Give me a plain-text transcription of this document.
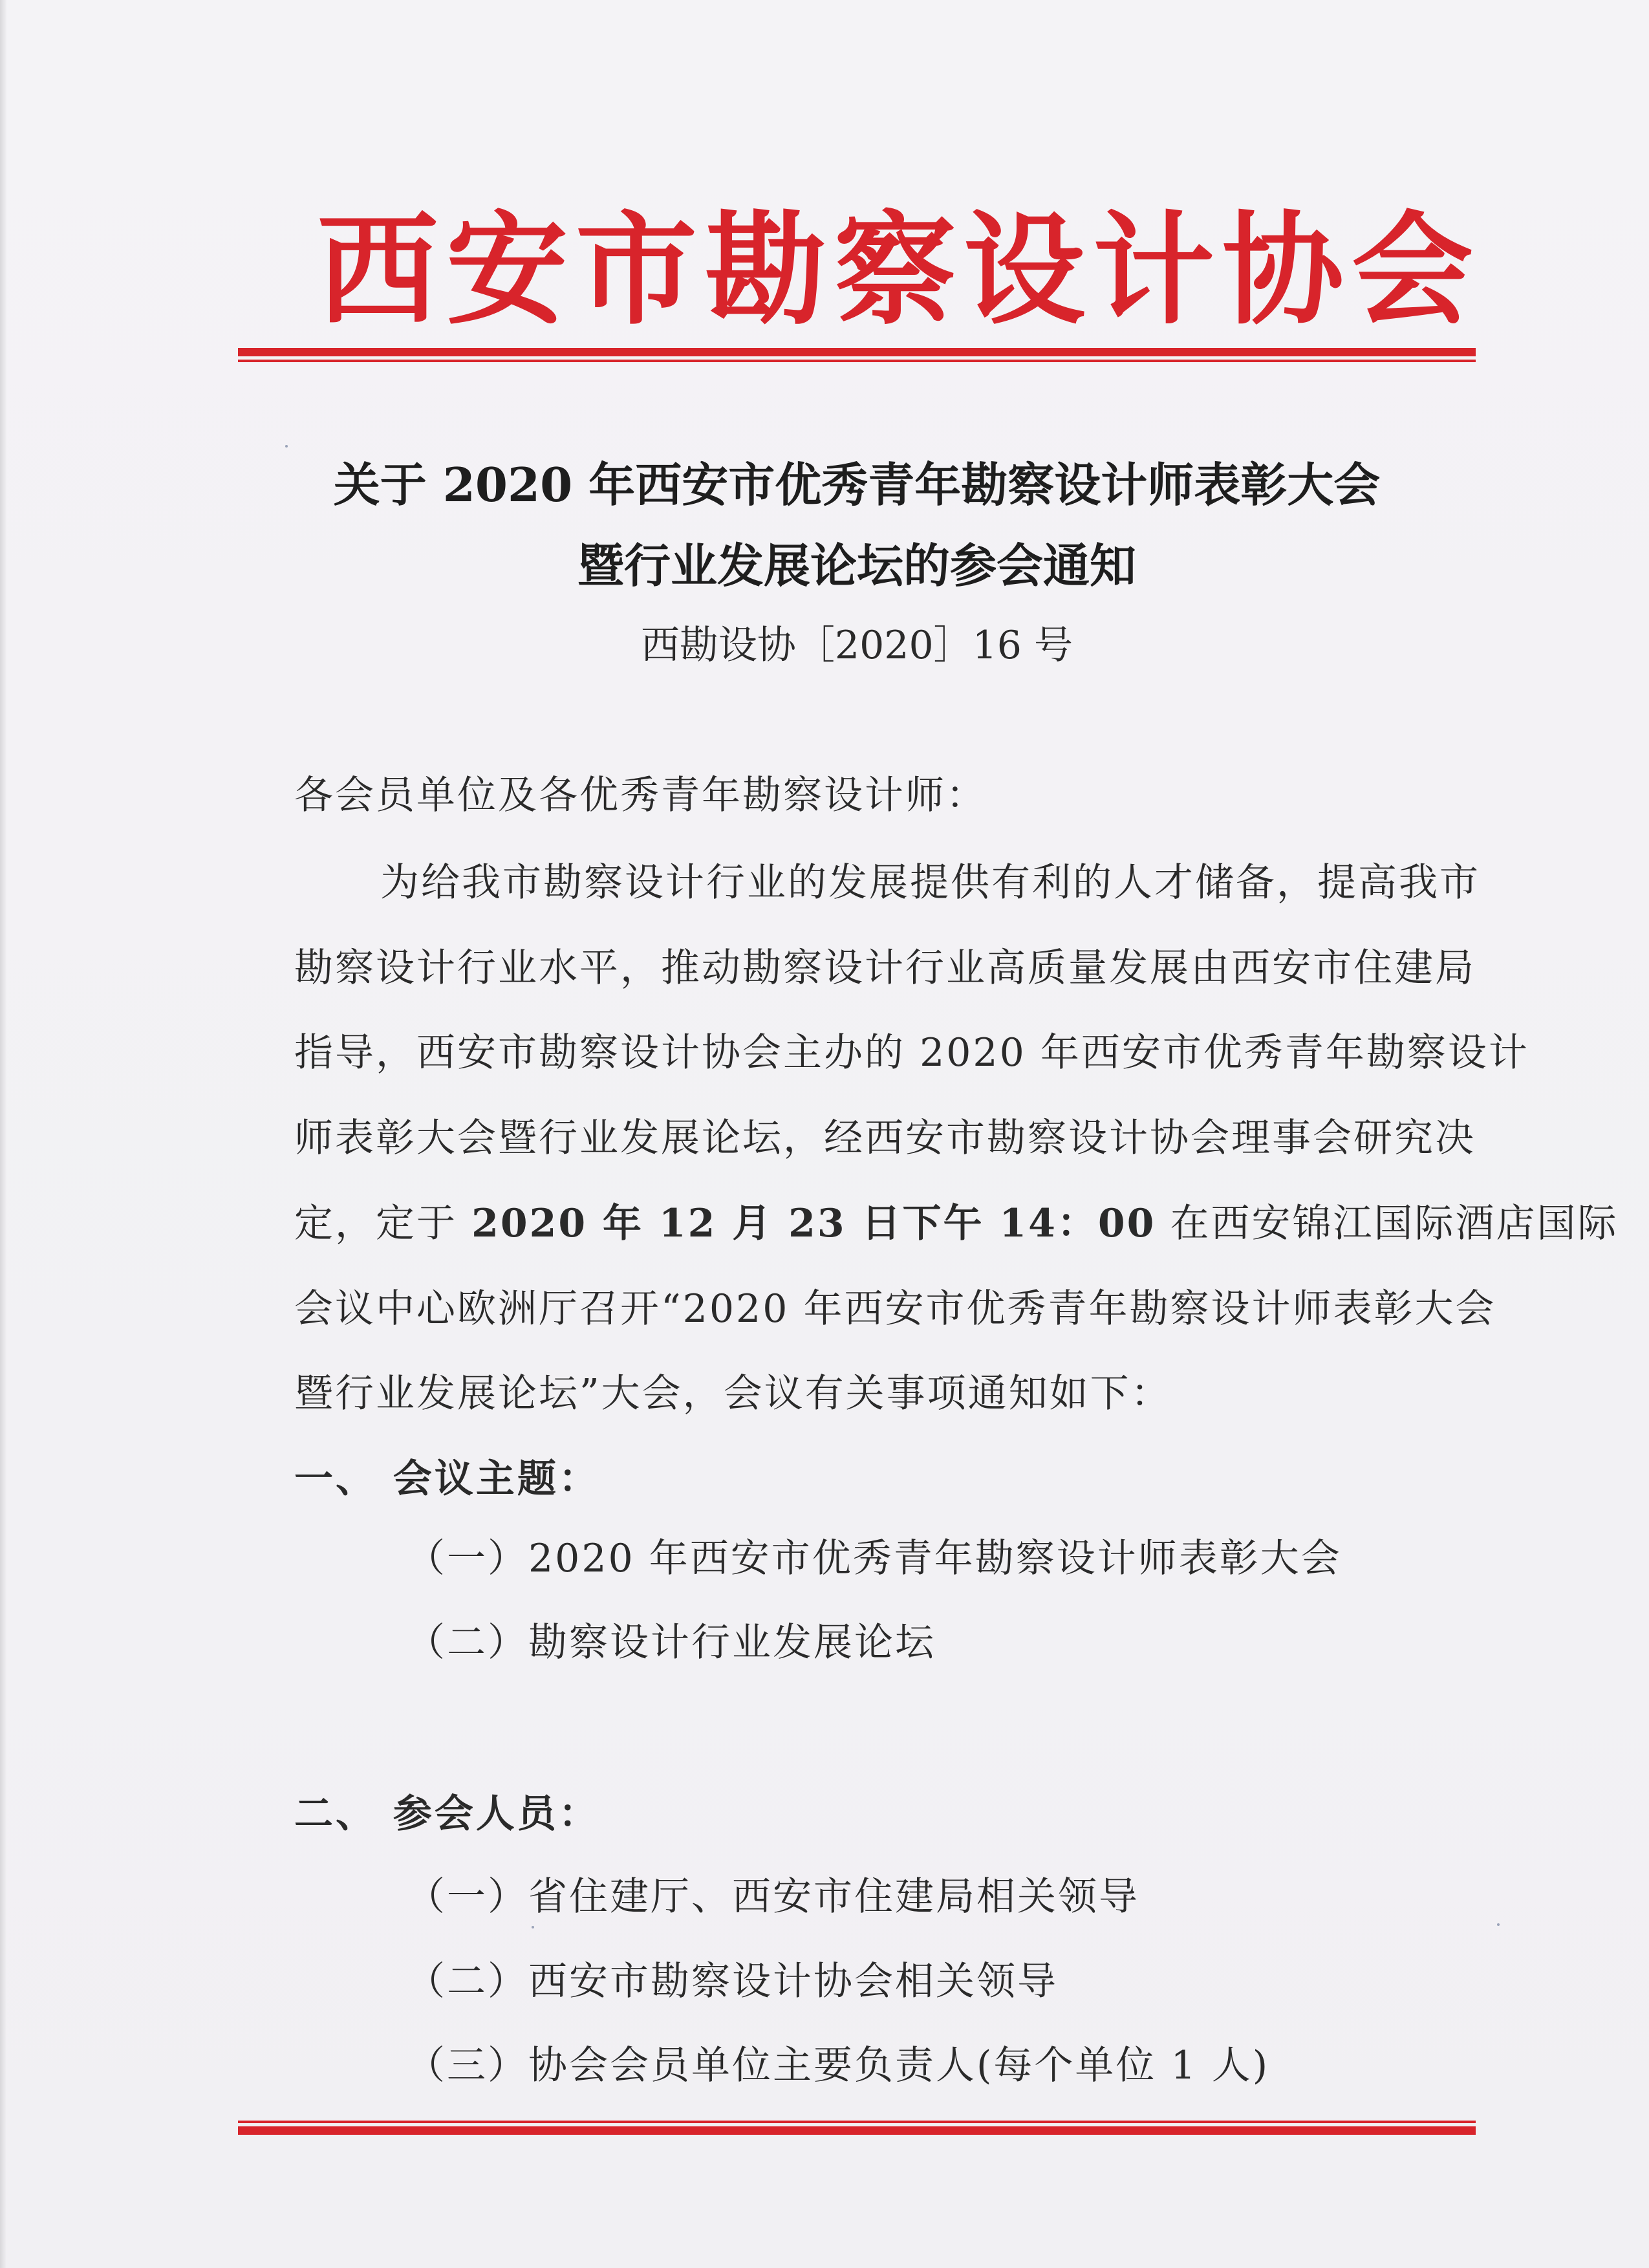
西安市勘察设计协会
关于 2020 年西安市优秀青年勘察设计师表彰大会
暨行业发展论坛的参会通知
西勘设协［2020］16 号
各会员单位及各优秀青年勘察设计师：
为给我市勘察设计行业的发展提供有利的人才储备，提高我市
勘察设计行业水平，推动勘察设计行业高质量发展由西安市住建局
指导，西安市勘察设计协会主办的 2020 年西安市优秀青年勘察设计
师表彰大会暨行业发展论坛，经西安市勘察设计协会理事会研究决
定，定于 2020 年 12 月 23 日下午 14：00 在西安锦江国际酒店国际
会议中心欧洲厅召开“2020 年西安市优秀青年勘察设计师表彰大会
暨行业发展论坛”大会，会议有关事项通知如下：
一、 会议主题：
（一）2020 年西安市优秀青年勘察设计师表彰大会
（二）勘察设计行业发展论坛
二、 参会人员：
（一）省住建厅、西安市住建局相关领导
（二）西安市勘察设计协会相关领导
（三）协会会员单位主要负责人(每个单位 1 人)
